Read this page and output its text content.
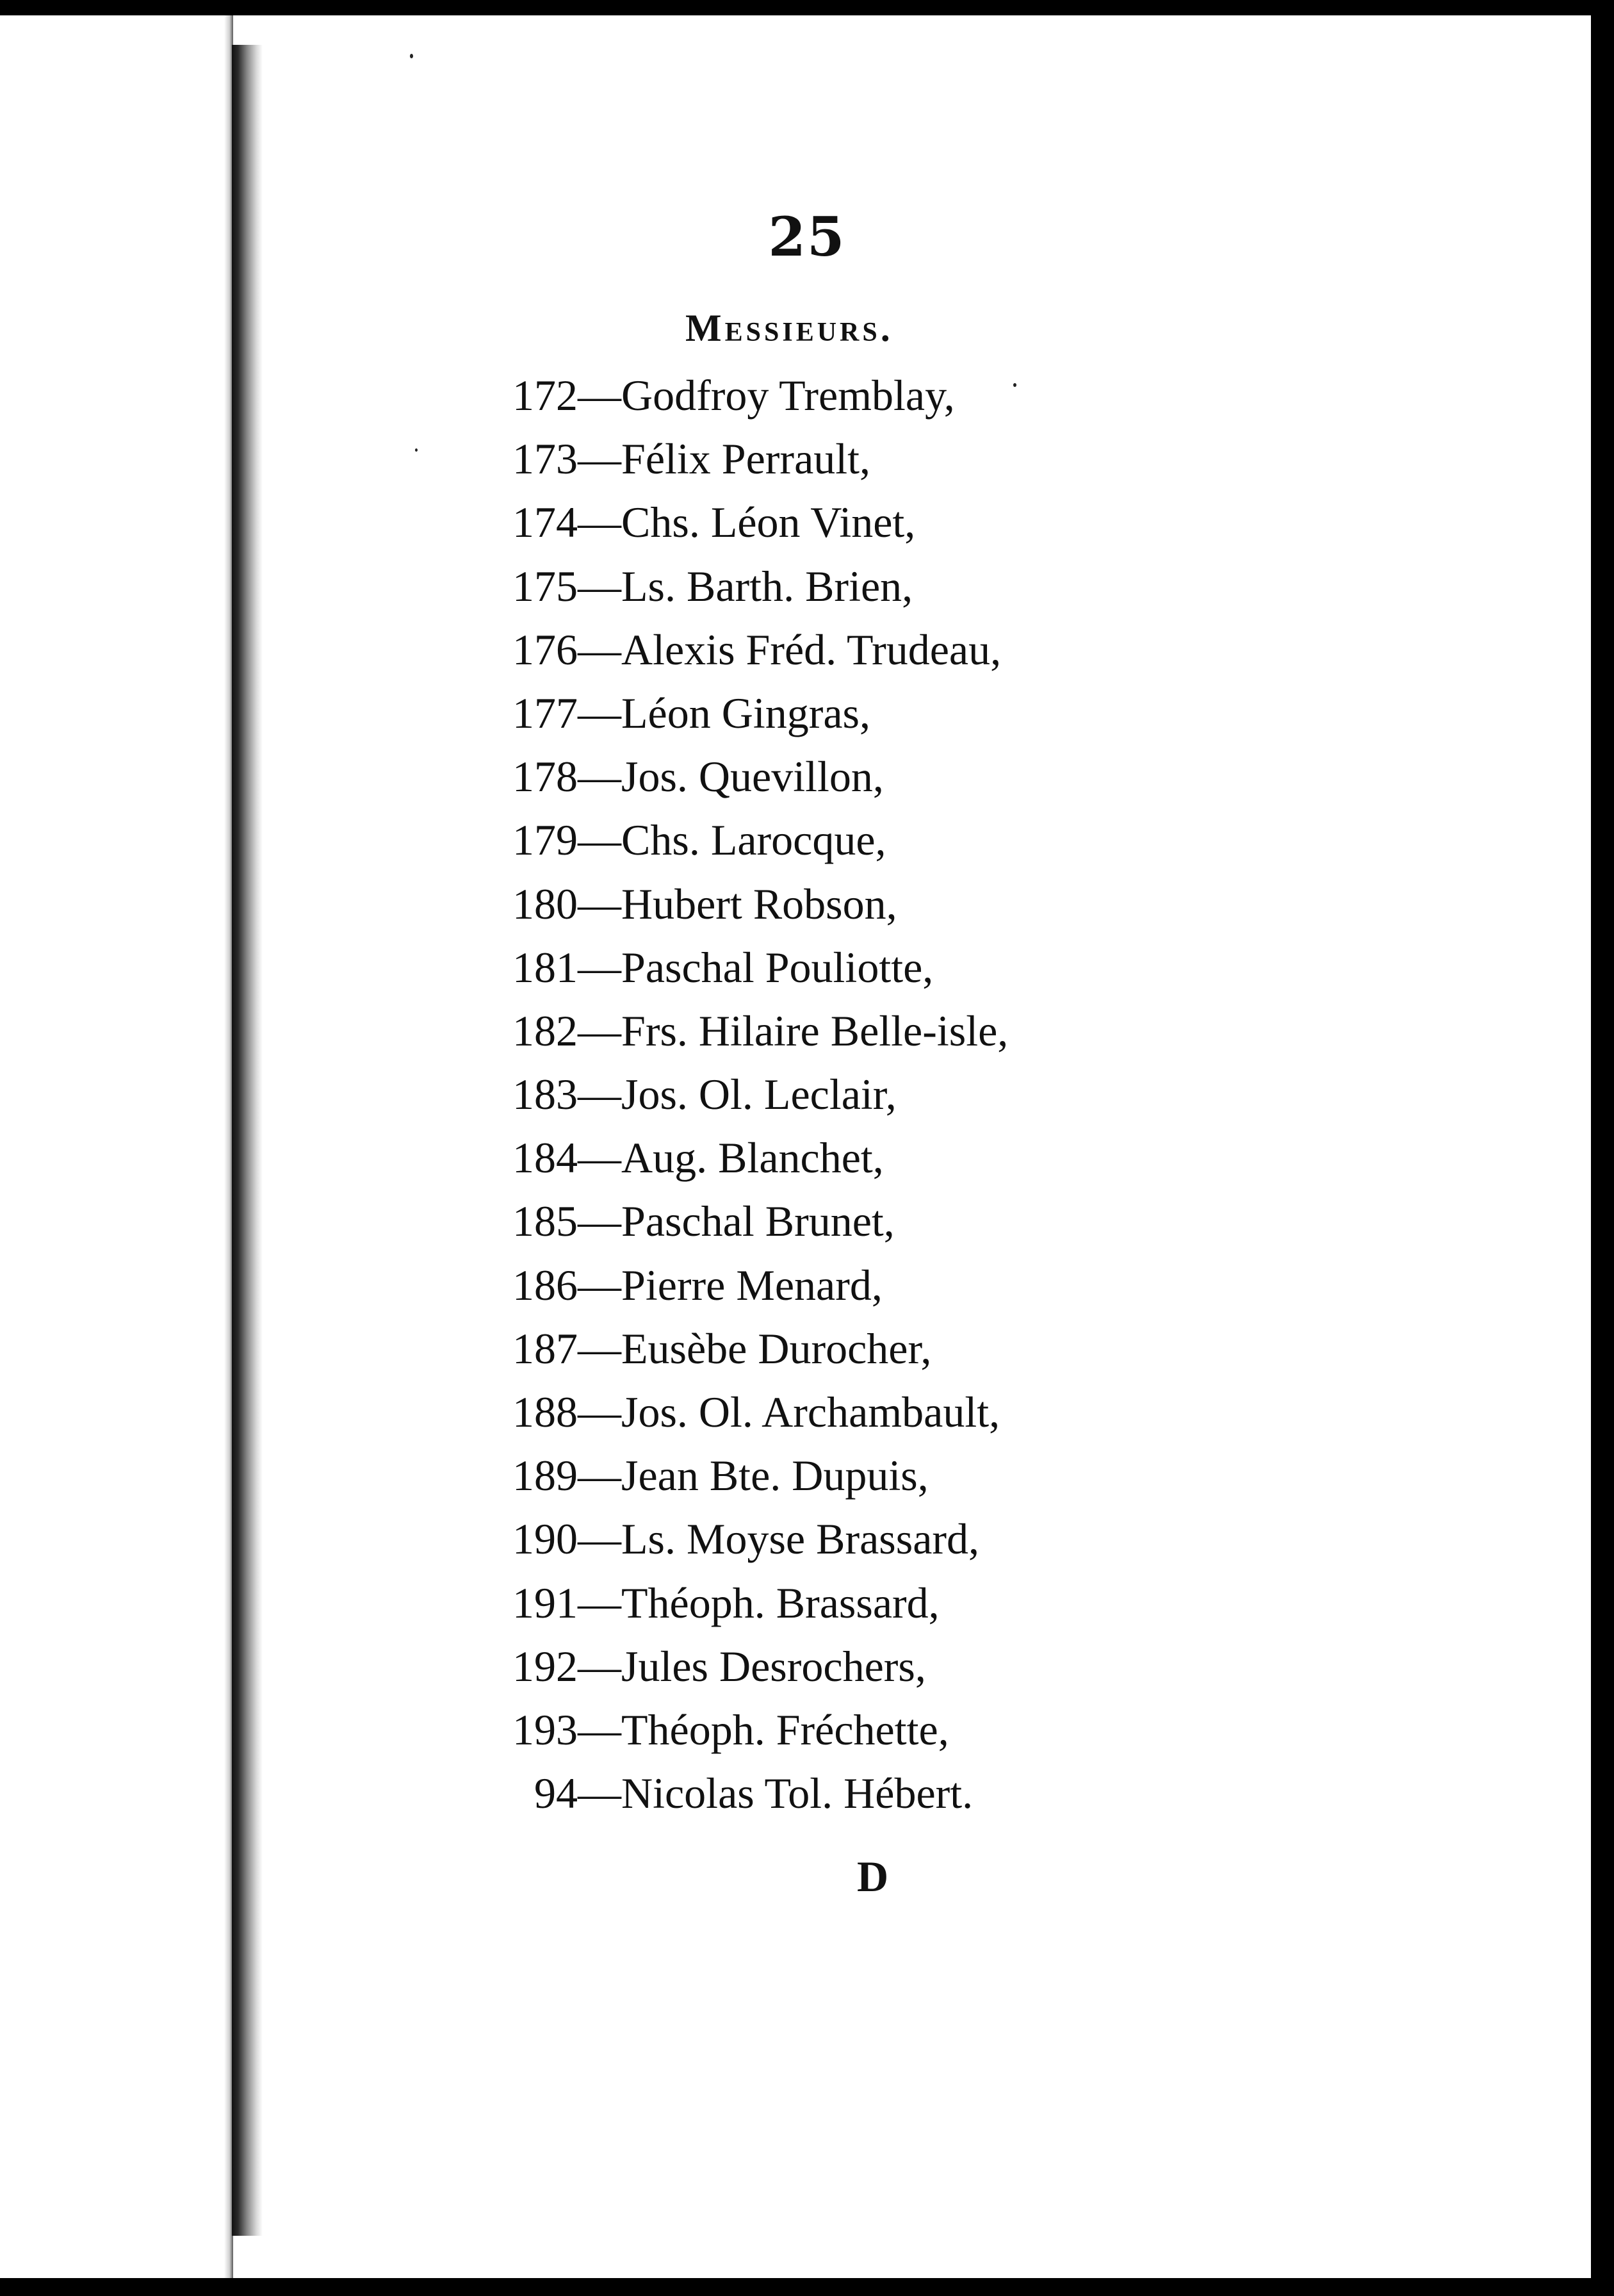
25
Messieurs.
172—Godfroy Tremblay,
173—Félix Perrault,
174—Chs. Léon Vinet,
175—Ls. Barth. Brien,
176—Alexis Fréd. Trudeau,
177—Léon Gingras,
178—Jos. Quevillon,
179—Chs. Larocque,
180—Hubert Robson,
181—Paschal Pouliotte,
182—Frs. Hilaire Belle-isle,
183—Jos. Ol. Leclair,
184—Aug. Blanchet,
185—Paschal Brunet,
186—Pierre Menard,
187—Eusèbe Durocher,
188—Jos. Ol. Archambault,
189—Jean Bte. Dupuis,
190—Ls. Moyse Brassard,
191—Théoph. Brassard,
192—Jules Desrochers,
193—Théoph. Fréchette,
94—Nicolas Tol. Hébert.
D
